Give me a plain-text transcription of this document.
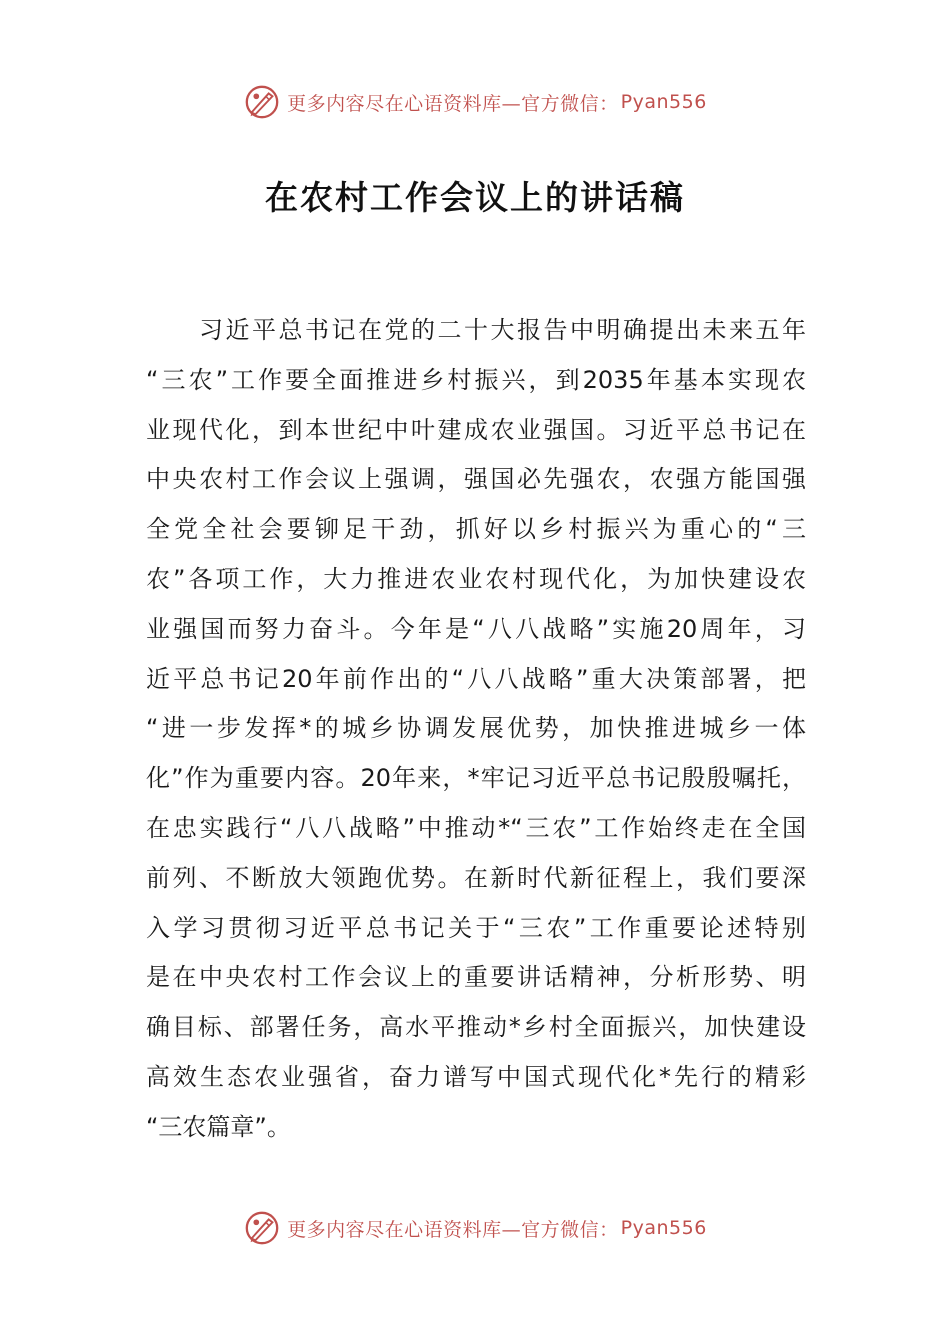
更多内容尽在心语资料库—官方微信： Pyan556
在农村工作会议上的讲话稿
　　习近平总书记在党的二十大报告中明确提出未来五年
“三农”工作要全面推进乡村振兴，到2035年基本实现农
业现代化，到本世纪中叶建成农业强国。习近平总书记在
中央农村工作会议上强调，强国必先强农，农强方能国强
全党全社会要铆足干劲，抓好以乡村振兴为重心的“三
农”各项工作，大力推进农业农村现代化，为加快建设农
业强国而努力奋斗。今年是“八八战略”实施20周年，习
近平总书记20年前作出的“八八战略”重大决策部署，把
“进一步发挥*的城乡协调发展优势，加快推进城乡一体
化”作为重要内容。20年来，*牢记习近平总书记殷殷嘱托，
在忠实践行“八八战略”中推动*“三农”工作始终走在全国
前列、不断放大领跑优势。在新时代新征程上，我们要深
入学习贯彻习近平总书记关于“三农”工作重要论述特别
是在中央农村工作会议上的重要讲话精神，分析形势、明
确目标、部署任务，高水平推动*乡村全面振兴，加快建设
高效生态农业强省，奋力谱写中国式现代化*先行的精彩
“三农篇章”。
更多内容尽在心语资料库—官方微信： Pyan556
